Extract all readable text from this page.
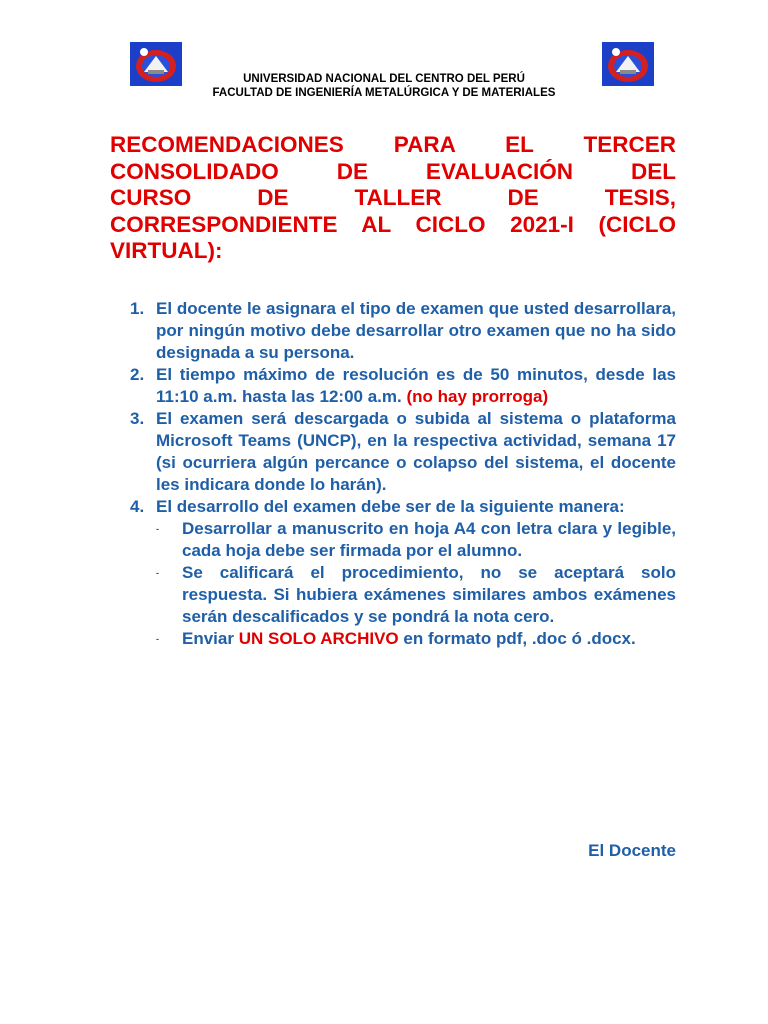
UNIVERSIDAD NACIONAL DEL CENTRO DEL PERÚ
FACULTAD DE INGENIERÍA METALÚRGICA Y DE MATERIALES
RECOMENDACIONES PARA EL TERCER
CONSOLIDADO DE EVALUACIÓN DEL
CURSO DE TALLER DE TESIS,
CORRESPONDIENTE AL CICLO 2021-I (CICLO
VIRTUAL):
1. El docente le asignara el tipo de examen que usted desarrollara, por ningún motivo debe desarrollar otro examen que no ha sido designada a su persona.
2. El tiempo máximo de resolución es de 50 minutos, desde las 11:10 a.m. hasta las 12:00 a.m. (no hay prorroga)
3. El examen será descargada o subida al sistema o plataforma Microsoft Teams (UNCP), en la respectiva actividad, semana 17 (si ocurriera algún percance o colapso del sistema, el docente les indicara donde lo harán).
4. El desarrollo del examen debe ser de la siguiente manera:
- Desarrollar a manuscrito en hoja A4 con letra clara y legible, cada hoja debe ser firmada por el alumno.
- Se calificará el procedimiento, no se aceptará solo respuesta. Si hubiera exámenes similares ambos exámenes serán descalificados y se pondrá la nota cero.
- Enviar UN SOLO ARCHIVO en formato pdf, .doc ó .docx.
El Docente
